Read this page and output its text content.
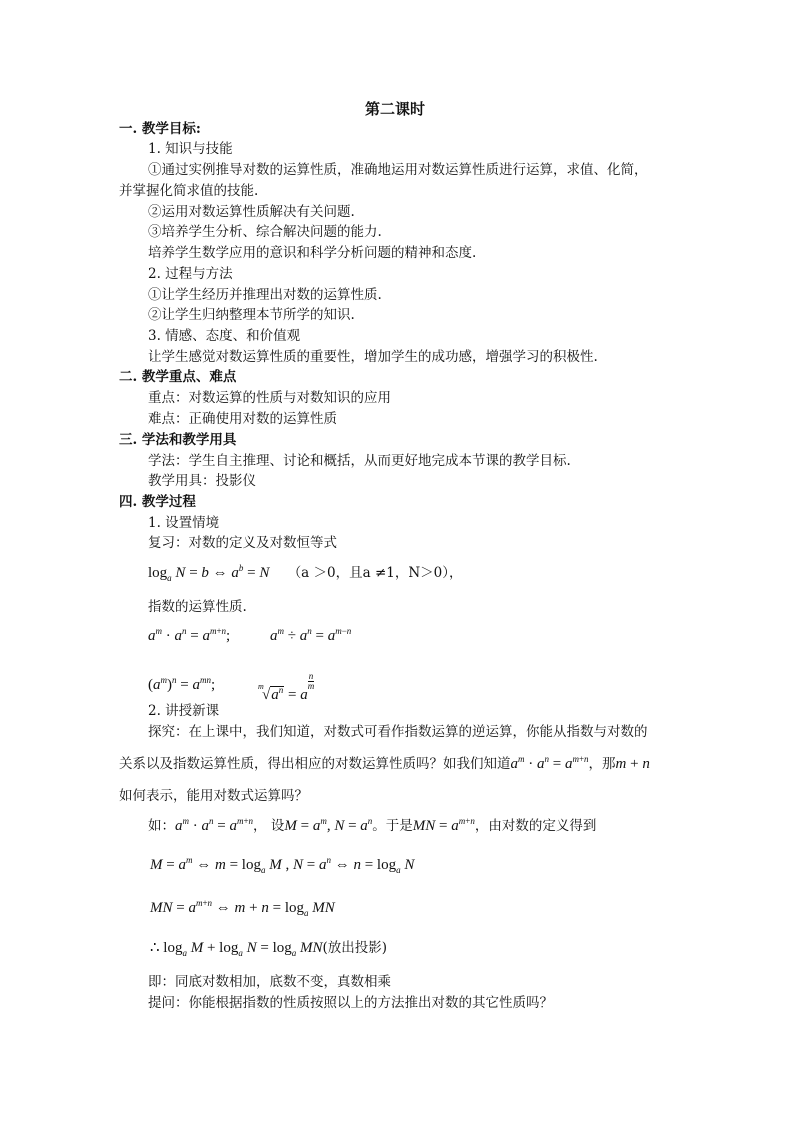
第二课时
一. 教学目标:
1. 知识与技能
①通过实例推导对数的运算性质，准确地运用对数运算性质进行运算，求值、化简，
并掌握化简求值的技能.
②运用对数运算性质解决有关问题.
③培养学生分析、综合解决问题的能力.
培养学生数学应用的意识和科学分析问题的精神和态度.
2. 过程与方法
①让学生经历并推理出对数的运算性质.
②让学生归纳整理本节所学的知识.
3. 情感、态度、和价值观
让学生感觉对数运算性质的重要性，增加学生的成功感，增强学习的积极性.
二. 教学重点、难点
重点：对数运算的性质与对数知识的应用
难点：正确使用对数的运算性质
三. 学法和教学用具
学法：学生自主推理、讨论和概括，从而更好地完成本节课的教学目标.
教学用具：投影仪
四. 教学过程
1. 设置情境
复习：对数的定义及对数恒等式
$\log_a N = b$ ⇔ $a^b = N$ （a ＞0，且a ≠1，N＞0），
指数的运算性质.
$a^m \cdot a^n = a^{m+n}$;	$a^m \div a^n = a^{m-n}$
$(a^m)^n = a^{mn}$;	m
$√a^n = a$
$\frac{n}{m}$
2. 讲授新课
探究：在上课中，我们知道，对数式可看作指数运算的逆运算，你能从指数与对数的
关系以及指数运算性质，得出相应的对数运算性质吗？如我们知道$a^m \cdot a^n = a^{m+n}$，那m + n
如何表示，能用对数式运算吗？
如：$a^m \cdot a^n = a^{m+n}$， 设$M = a^m$, $N = a^n$。于是MN = $a^{m+n}$，由对数的定义得到
$M = a^m$ ⇔ $m = \log_a M$ , $N = a^n$ ⇔ $n = \log_a N$
MN = $a^{m+n}$ ⇔ $m + n = \log_a$ MN
∴ $\log_a M + \log_a N = \log_a MN$(放出投影)
即：同底对数相加，底数不变，真数相乘
提问：你能根据指数的性质按照以上的方法推出对数的其它性质吗？
